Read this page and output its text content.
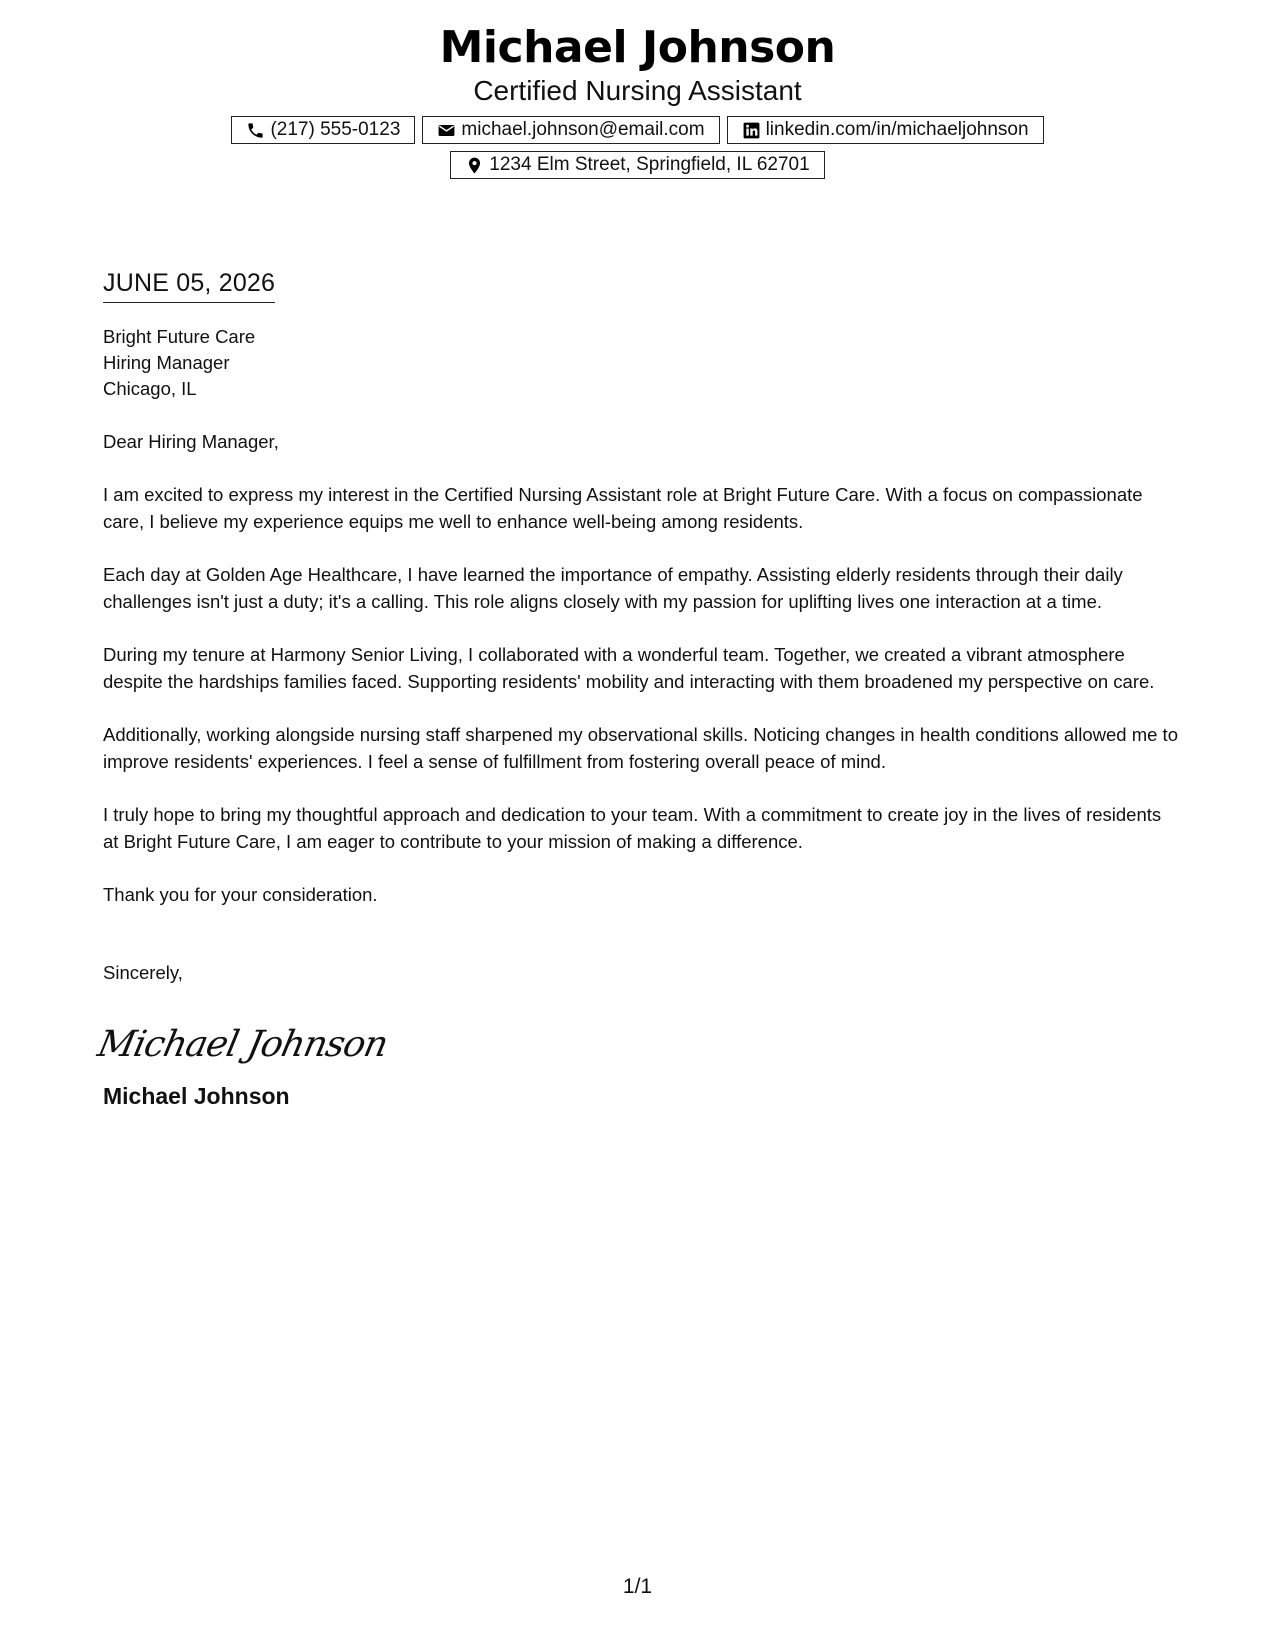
Michael Johnson
Certified Nursing Assistant
(217) 555-0123	michael.johnson@email.com	linkedin.com/in/michaeljohnson
1234 Elm Street, Springfield, IL 62701
JUNE 05, 2026
Bright Future Care
Hiring Manager
Chicago, IL
Dear Hiring Manager,
I am excited to express my interest in the Certified Nursing Assistant role at Bright Future Care. With a focus on compassionate care, I believe my experience equips me well to enhance well-being among residents.
Each day at Golden Age Healthcare, I have learned the importance of empathy. Assisting elderly residents through their daily challenges isn't just a duty; it's a calling. This role aligns closely with my passion for uplifting lives one interaction at a time.
During my tenure at Harmony Senior Living, I collaborated with a wonderful team. Together, we created a vibrant atmosphere despite the hardships families faced. Supporting residents' mobility and interacting with them broadened my perspective on care.
Additionally, working alongside nursing staff sharpened my observational skills. Noticing changes in health conditions allowed me to improve residents' experiences. I feel a sense of fulfillment from fostering overall peace of mind.
I truly hope to bring my thoughtful approach and dedication to your team. With a commitment to create joy in the lives of residents at Bright Future Care, I am eager to contribute to your mission of making a difference.
Thank you for your consideration.
Sincerely,
Michael Johnson
Michael Johnson
1/1
